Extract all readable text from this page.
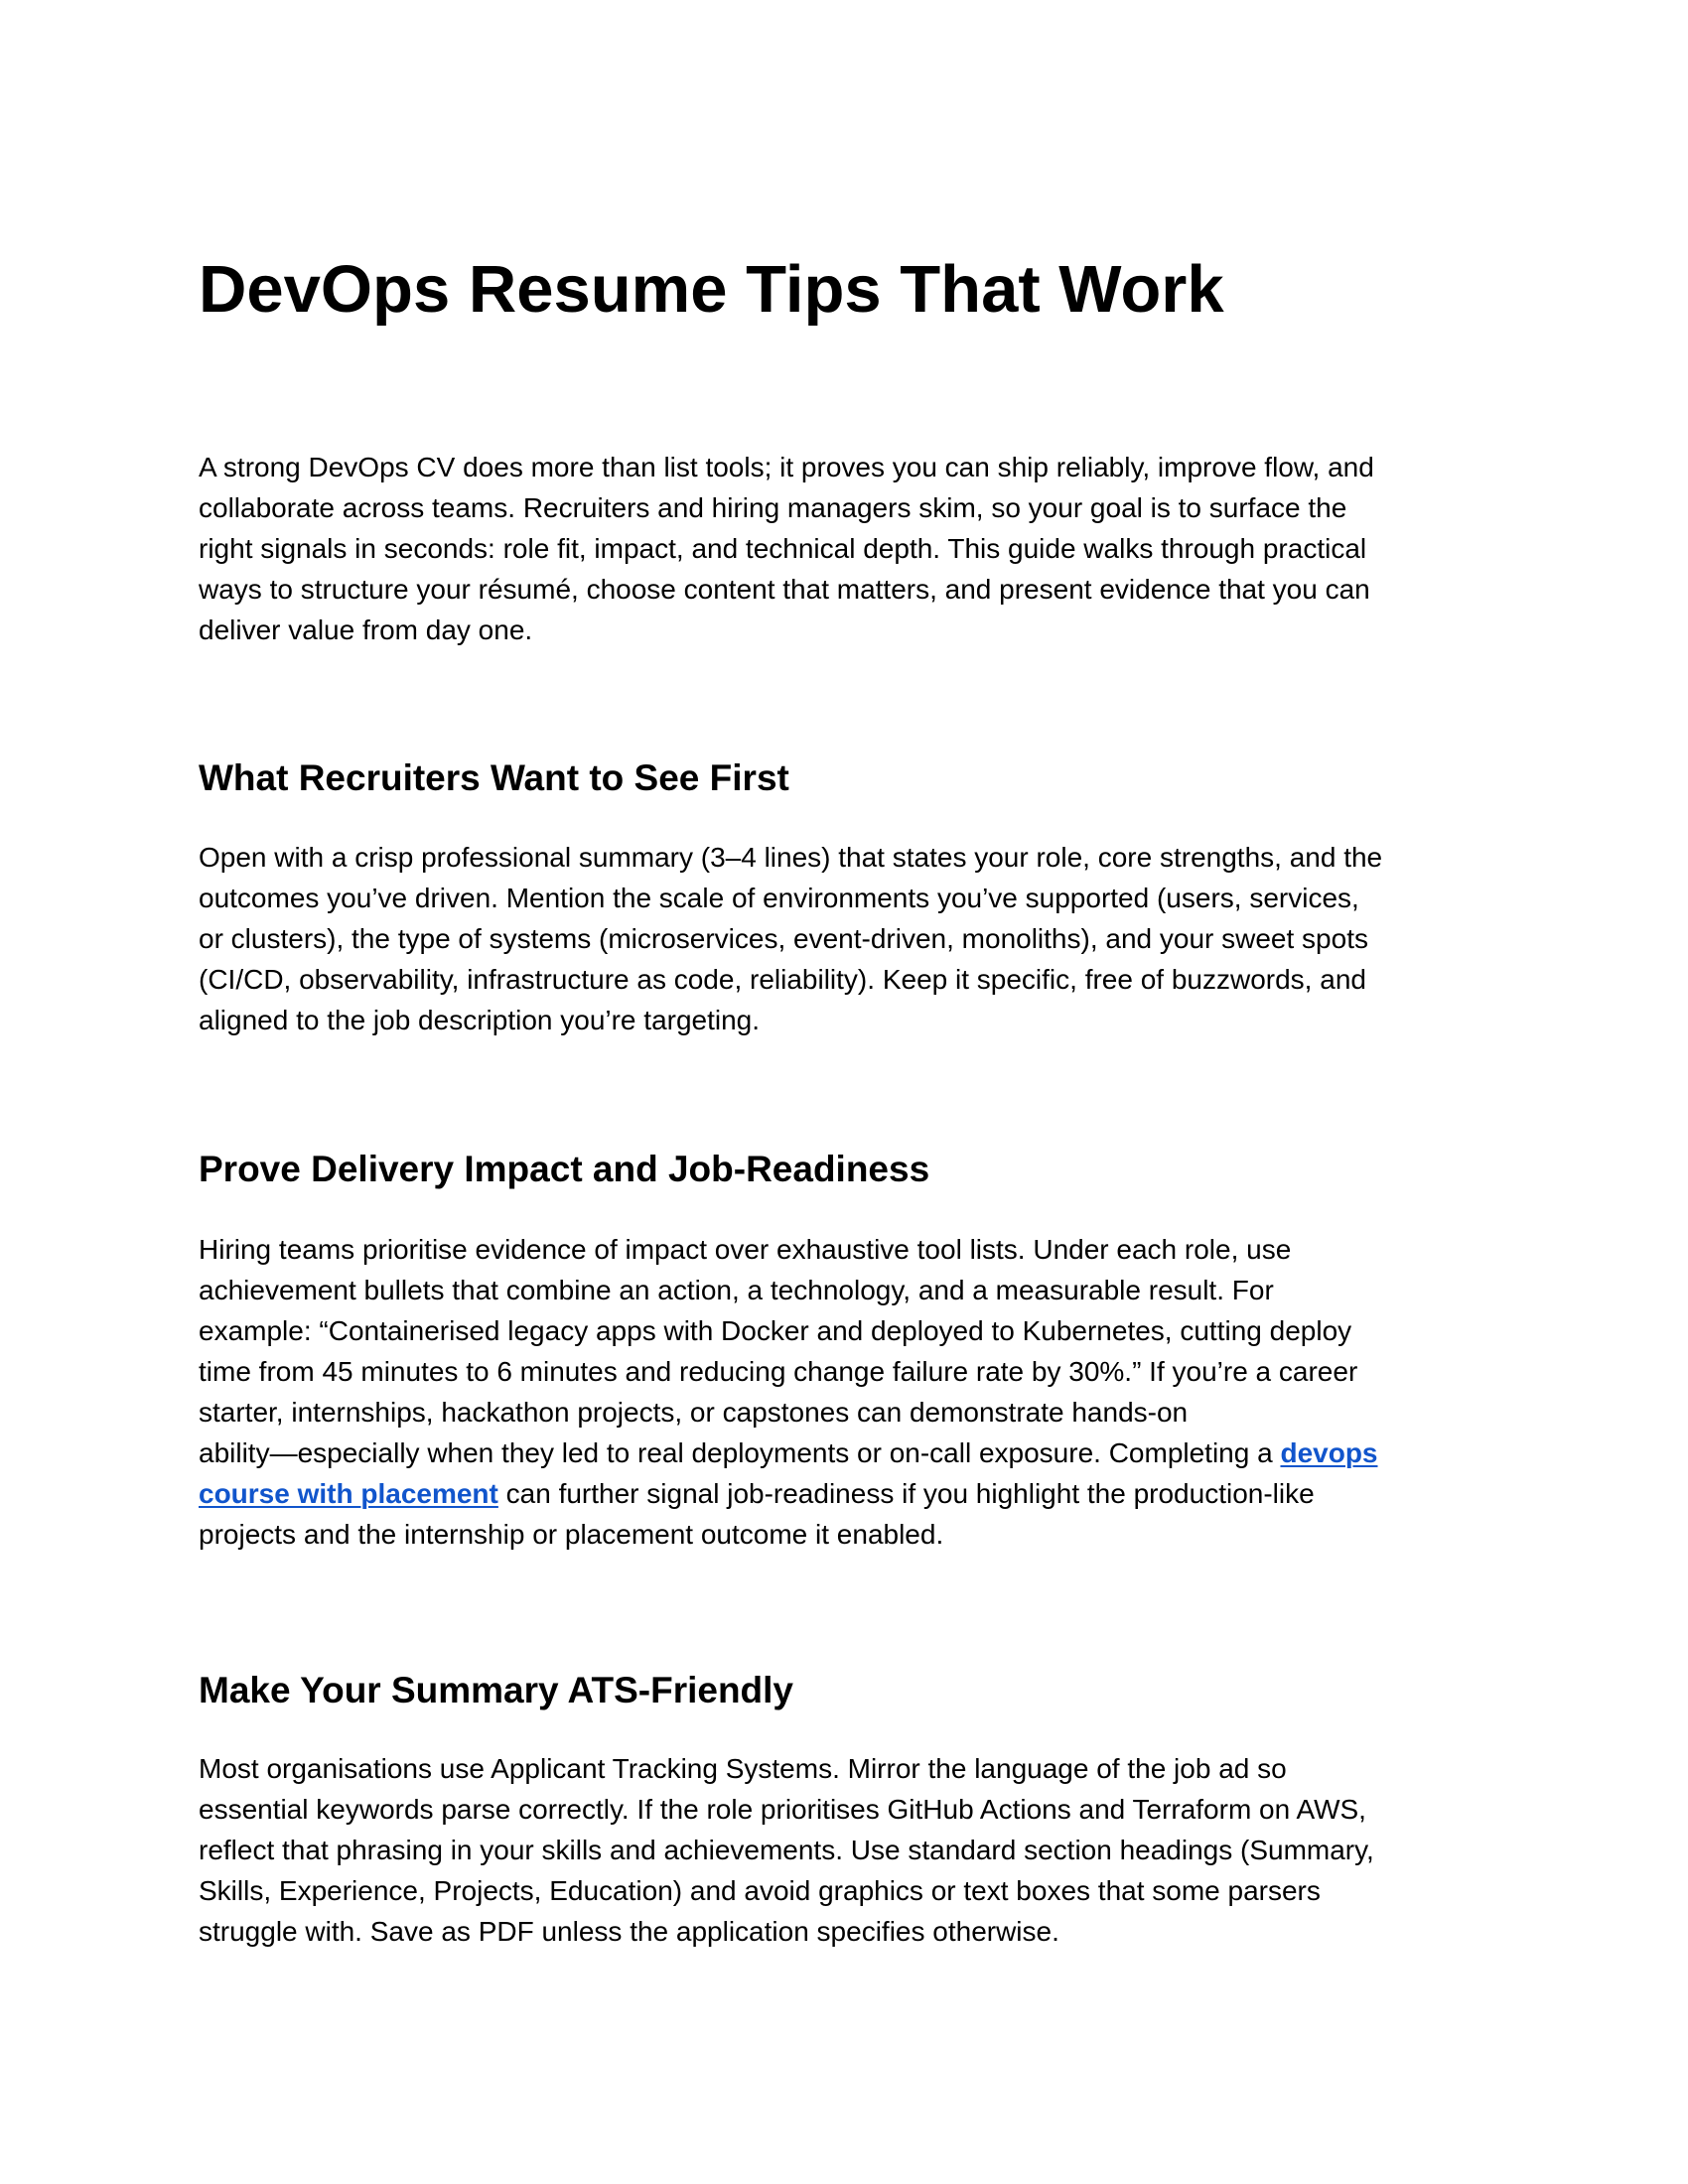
DevOps Resume Tips That Work

A strong DevOps CV does more than list tools; it proves you can ship reliably, improve flow, and
collaborate across teams. Recruiters and hiring managers skim, so your goal is to surface the
right signals in seconds: role fit, impact, and technical depth. This guide walks through practical
ways to structure your résumé, choose content that matters, and present evidence that you can
deliver value from day one.

What Recruiters Want to See First

Open with a crisp professional summary (3–4 lines) that states your role, core strengths, and the
outcomes you’ve driven. Mention the scale of environments you’ve supported (users, services,
or clusters), the type of systems (microservices, event-driven, monoliths), and your sweet spots
(CI/CD, observability, infrastructure as code, reliability). Keep it specific, free of buzzwords, and
aligned to the job description you’re targeting.

Prove Delivery Impact and Job-Readiness

Hiring teams prioritise evidence of impact over exhaustive tool lists. Under each role, use
achievement bullets that combine an action, a technology, and a measurable result. For
example: “Containerised legacy apps with Docker and deployed to Kubernetes, cutting deploy
time from 45 minutes to 6 minutes and reducing change failure rate by 30%.” If you’re a career
starter, internships, hackathon projects, or capstones can demonstrate hands-on
ability—especially when they led to real deployments or on-call exposure. Completing a devops
course with placement can further signal job-readiness if you highlight the production-like
projects and the internship or placement outcome it enabled.

Make Your Summary ATS-Friendly

Most organisations use Applicant Tracking Systems. Mirror the language of the job ad so
essential keywords parse correctly. If the role prioritises GitHub Actions and Terraform on AWS,
reflect that phrasing in your skills and achievements. Use standard section headings (Summary,
Skills, Experience, Projects, Education) and avoid graphics or text boxes that some parsers
struggle with. Save as PDF unless the application specifies otherwise.
